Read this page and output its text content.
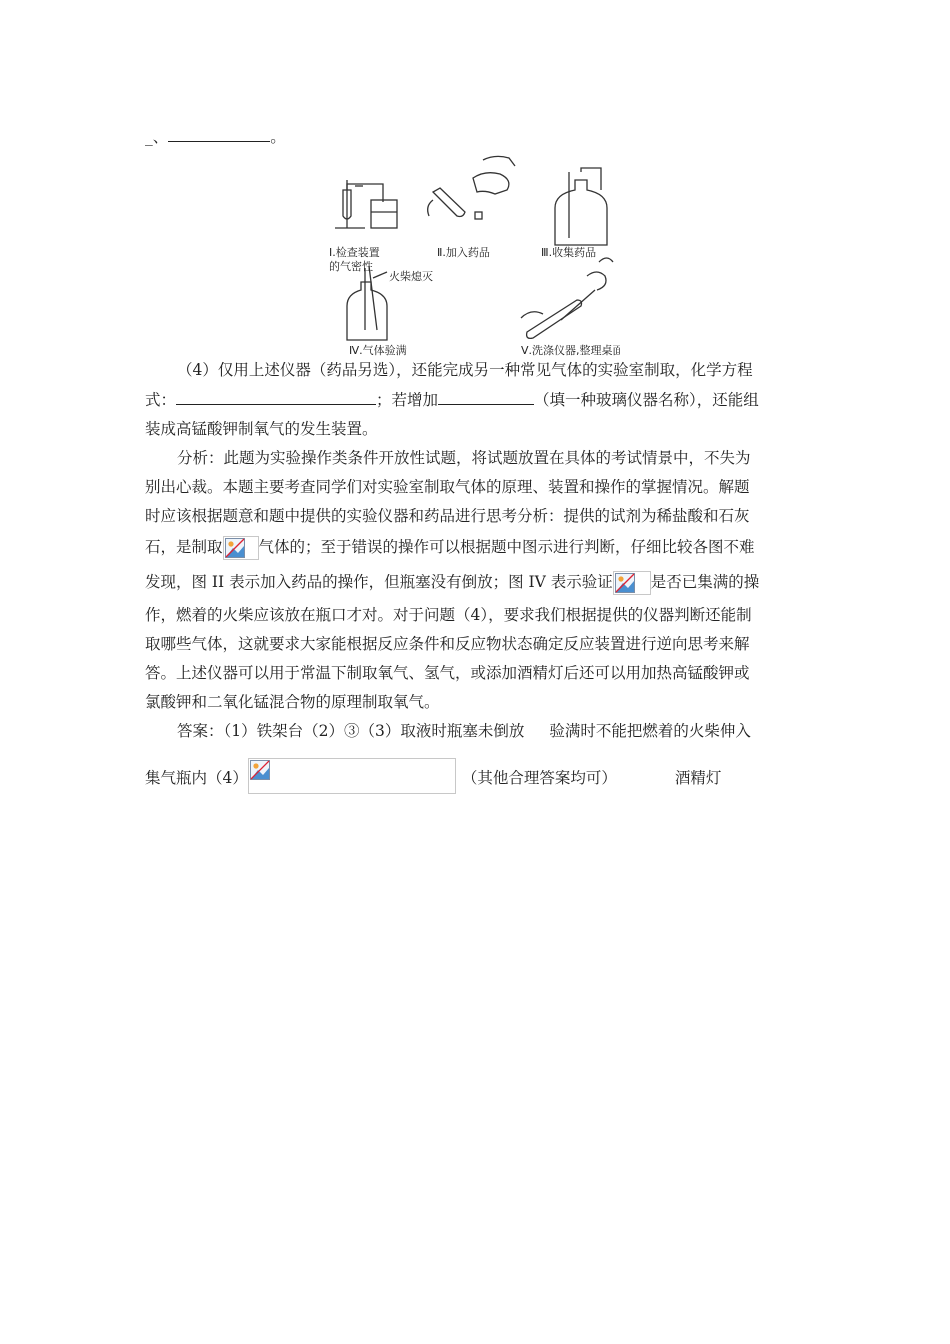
_、	。
Ⅰ.检查装置
的气密性
Ⅱ.加入药品	Ⅲ.收集药品
火柴熄灭
Ⅳ.气体验满	Ⅴ.洗涤仪器,整理桌面
（4）仅用上述仪器（药品另选），还能完成另一种常见气体的实验室制取，化学方程
式：	；若增加	（填一种玻璃仪器名称），还能组
装成高锰酸钾制氧气的发生装置。
分析：此题为实验操作类条件开放性试题，将试题放置在具体的考试情景中，不失为
别出心裁。本题主要考查同学们对实验室制取气体的原理、装置和操作的掌握情况。解题
时应该根据题意和题中提供的实验仪器和药品进行思考分析：提供的试剂为稀盐酸和石灰
石，是制取 气体的；至于错误的操作可以根据题中图示进行判断，仔细比较各图不难
发现，图 II 表示加入药品的操作，但瓶塞没有倒放；图 IV 表示验证 是否已集满的操
作，燃着的火柴应该放在瓶口才对。对于问题（4），要求我们根据提供的仪器判断还能制
取哪些气体，这就要求大家能根据反应条件和反应物状态确定反应装置进行逆向思考来解
答。上述仪器可以用于常温下制取氧气、氢气，或添加酒精灯后还可以用加热高锰酸钾或
氯酸钾和二氧化锰混合物的原理制取氧气。
答案：（1）铁架台（2）③（3）取液时瓶塞未倒放 验满时不能把燃着的火柴伸入
集气瓶内（4）	（其他合理答案均可）	酒精灯
